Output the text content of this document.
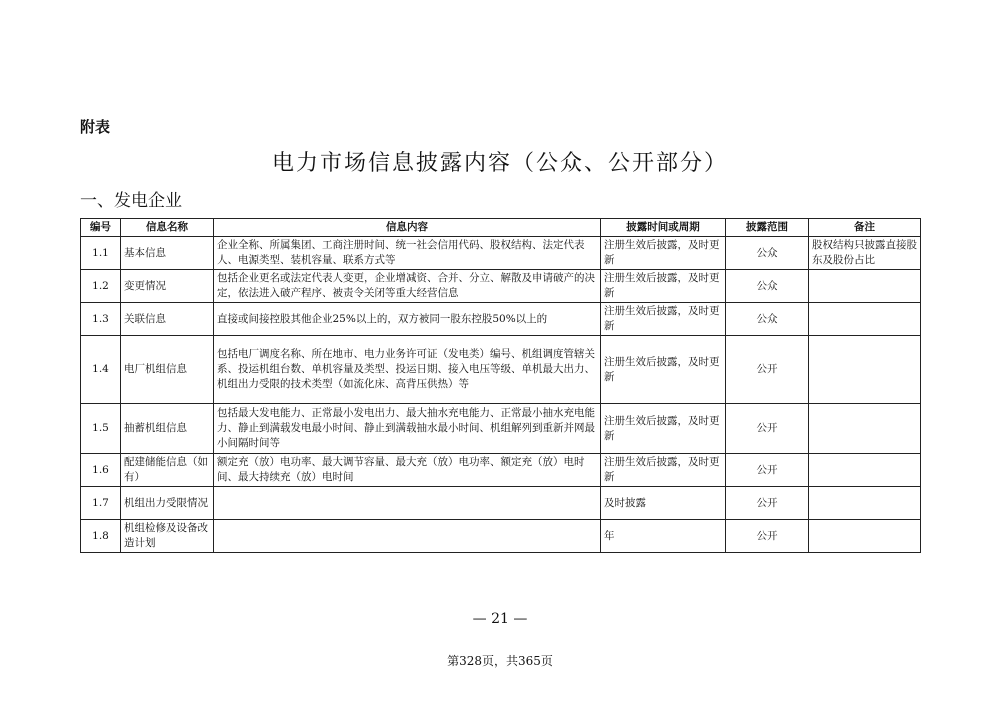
附表
电力市场信息披露内容（公众、公开部分）
一、发电企业
编号	信息名称	信息内容	披露时间或周期	披露范围	备注
1.1	基本信息	企业全称、所属集团、工商注册时间、统一社会信用代码、股权结构、法定代表人、电源类型、装机容量、联系方式等	注册生效后披露，及时更新	公众	股权结构只披露直接股东及股份占比
1.2	变更情况	包括企业更名或法定代表人变更，企业增减资、合并、分立、解散及申请破产的决定，依法进入破产程序、被责令关闭等重大经营信息	注册生效后披露，及时更新	公众	
1.3	关联信息	直接或间接控股其他企业25%以上的，双方被同一股东控股50%以上的	注册生效后披露，及时更新	公众	
1.4	电厂机组信息	包括电厂调度名称、所在地市、电力业务许可证（发电类）编号、机组调度管辖关系、投运机组台数、单机容量及类型、投运日期、接入电压等级、单机最大出力、机组出力受限的技术类型（如流化床、高背压供热）等	注册生效后披露，及时更新	公开	
1.5	抽蓄机组信息	包括最大发电能力、正常最小发电出力、最大抽水充电能力、正常最小抽水充电能力、静止到满载发电最小时间、静止到满载抽水最小时间、机组解列到重新并网最小间隔时间等	注册生效后披露，及时更新	公开	
1.6	配建储能信息（如有）	额定充（放）电功率、最大调节容量、最大充（放）电功率、额定充（放）电时间、最大持续充（放）电时间	注册生效后披露，及时更新	公开	
1.7	机组出力受限情况		及时披露	公开	
1.8	机组检修及设备改造计划		年	公开	
— 21 —
第328页，共365页
